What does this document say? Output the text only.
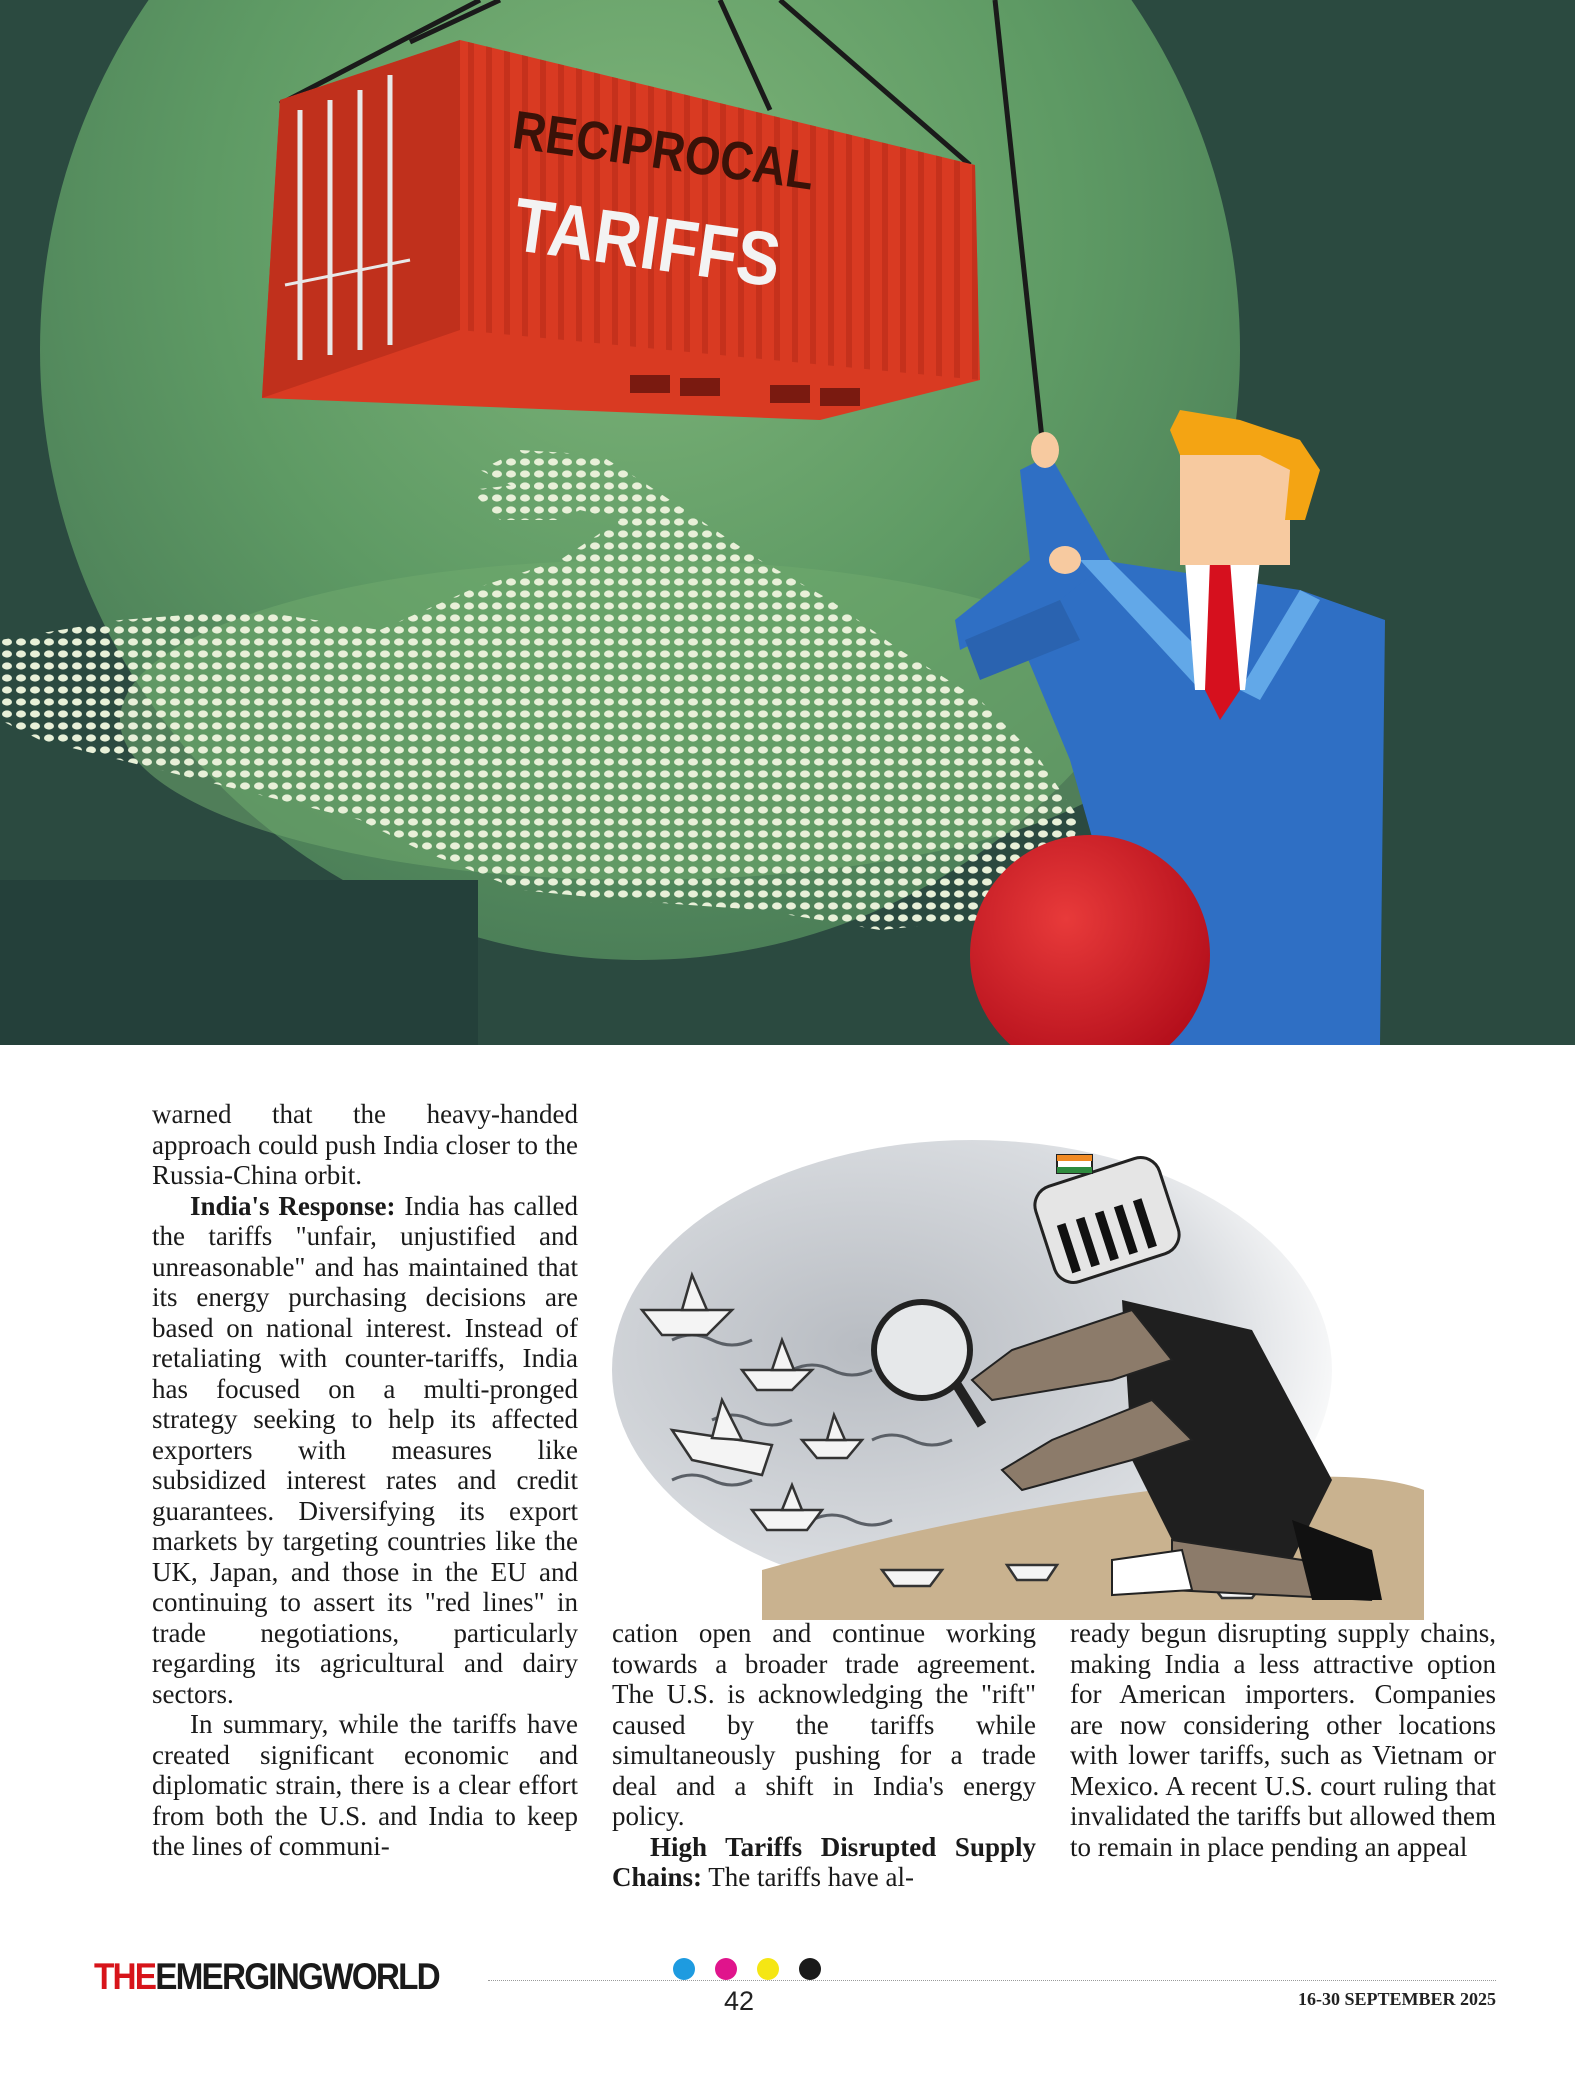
RECIPROCAL
TARIFFS

warned that the heavy-handed approach could push India closer to the Russia-China orbit.

India's Response: India has called the tariffs "unfair, unjustified and unreasonable" and has maintained that its energy purchasing decisions are based on national interest. Instead of retaliating with counter-tariffs, India has focused on a multi-pronged strategy seeking to help its affected exporters with measures like subsidized interest rates and credit guarantees. Diversifying its export markets by targeting countries like the UK, Japan, and those in the EU and continuing to assert its "red lines" in trade negotiations, particularly regarding its agricultural and dairy sectors.

In summary, while the tariffs have created significant economic and diplomatic strain, there is a clear effort from both the U.S. and India to keep the lines of communi-

cation open and continue working towards a broader trade agreement. The U.S. is acknowledging the "rift" caused by the tariffs while simultaneously pushing for a trade deal and a shift in India's energy policy.

High Tariffs Disrupted Supply Chains: The tariffs have al-

ready begun disrupting supply chains, making India a less attractive option for American importers. Companies are now considering other locations with lower tariffs, such as Vietnam or Mexico. A recent U.S. court ruling that invalidated the tariffs but allowed them to remain in place pending an appeal

THEEMERGINGWORLD
42	16-30 SEPTEMBER 2025
